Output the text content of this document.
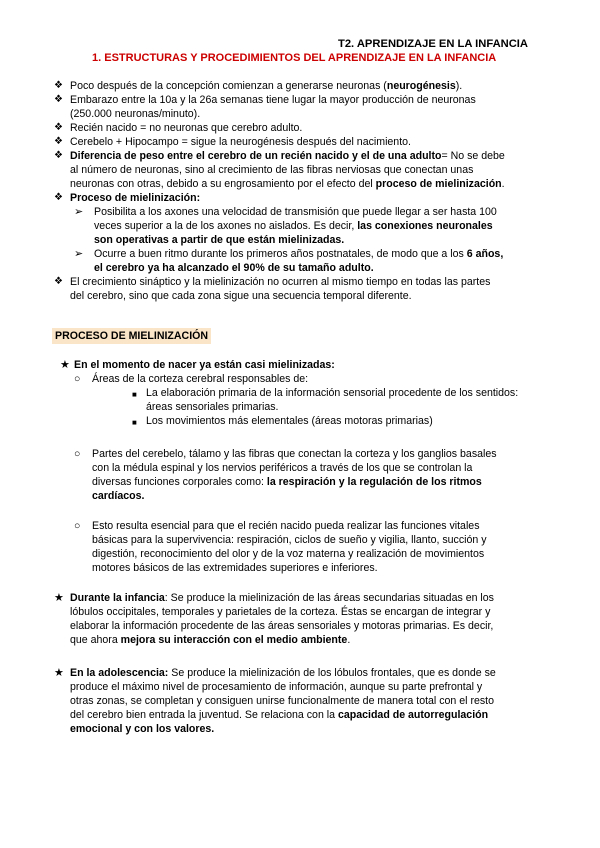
T2. APRENDIZAJE EN LA INFANCIA
1. ESTRUCTURAS Y PROCEDIMIENTOS DEL APRENDIZAJE EN LA INFANCIA
❖ Poco después de la concepción comienzan a generarse neuronas (neurogénesis).
❖ Embarazo entre la 10a y la 26a semanas tiene lugar la mayor producción de neuronas
(250.000 neuronas/minuto).
❖ Recién nacido = no neuronas que cerebro adulto.
❖ Cerebelo + Hipocampo = sigue la neurogénesis después del nacimiento.
❖ Diferencia de peso entre el cerebro de un recién nacido y el de una adulto= No se debe
al número de neuronas, sino al crecimiento de las fibras nerviosas que conectan unas
neuronas con otras, debido a su engrosamiento por el efecto del proceso de mielinización.
❖ Proceso de mielinización:
➢	Posibilita a los axones una velocidad de transmisión que puede llegar a ser hasta 100
veces superior a la de los axones no aislados. Es decir, las conexiones neuronales
son operativas a partir de que están mielinizadas.
➢	Ocurre a buen ritmo durante los primeros años postnatales, de modo que a los 6 años,
el cerebro ya ha alcanzado el 90% de su tamaño adulto.
❖ El crecimiento sináptico y la mielinización no ocurren al mismo tiempo en todas las partes
del cerebro, sino que cada zona sigue una secuencia temporal diferente.
PROCESO DE MIELINIZACIÓN
★ En el momento de nacer ya están casi mielinizadas:
○	Áreas de la corteza cerebral responsables de:
■ La elaboración primaria de la información sensorial procedente de los sentidos:
áreas sensoriales primarias.
■ Los movimientos más elementales (áreas motoras primarias)
○	Partes del cerebelo, tálamo y las fibras que conectan la corteza y los ganglios basales
con la médula espinal y los nervios periféricos a través de los que se controlan la
diversas funciones corporales como: la respiración y la regulación de los ritmos
cardíacos.
○	Esto resulta esencial para que el recién nacido pueda realizar las funciones vitales
básicas para la supervivencia: respiración, ciclos de sueño y vigilia, llanto, succión y
digestión, reconocimiento del olor y de la voz materna y realización de movimientos
motores básicos de las extremidades superiores e inferiores.
★ Durante la infancia: Se produce la mielinización de las áreas secundarias situadas en los
lóbulos occipitales, temporales y parietales de la corteza. Éstas se encargan de integrar y
elaborar la información procedente de las áreas sensoriales y motoras primarias. Es decir,
que ahora mejora su interacción con el medio ambiente.
★ En la adolescencia: Se produce la mielinización de los lóbulos frontales, que es donde se
produce el máximo nivel de procesamiento de información, aunque su parte prefrontal y
otras zonas, se completan y consiguen unirse funcionalmente de manera total con el resto
del cerebro bien entrada la juventud. Se relaciona con la capacidad de autorregulación
emocional y con los valores.
